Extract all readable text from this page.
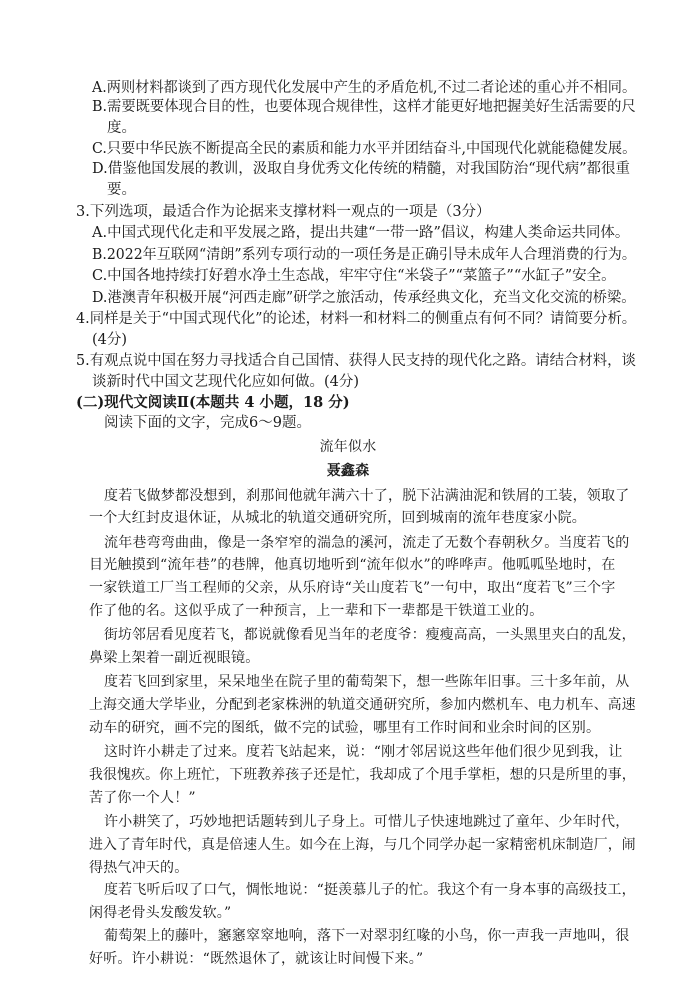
A.两则材料都谈到了西方现代化发展中产生的矛盾危机,不过二者论述的重心并不相同。
B.需要既要体现合目的性，也要体现合规律性，这样才能更好地把握美好生活需要的尺
度。
C.只要中华民族不断提高全民的素质和能力水平并团结奋斗,中国现代化就能稳健发展。
D.借鉴他国发展的教训，汲取自身优秀文化传统的精髓，对我国防治“现代病”都很重
要。
3.下列选项，最适合作为论据来支撑材料一观点的一项是（3分）
A.中国式现代化走和平发展之路，提出共建“一带一路”倡议，构建人类命运共同体。
B.2022年互联网“清朗”系列专项行动的一项任务是正确引导未成年人合理消费的行为。
C.中国各地持续打好碧水净土生态战，牢牢守住“米袋子”“菜篮子”“水缸子”安全。
D.港澳青年积极开展“河西走廊”研学之旅活动，传承经典文化，充当文化交流的桥梁。
4.同样是关于“中国式现代化”的论述，材料一和材料二的侧重点有何不同？请简要分析。
(4分)
5.有观点说中国在努力寻找适合自己国情、获得人民支持的现代化之路。请结合材料，谈
谈新时代中国文艺现代化应如何做。(4分)
(二)现代文阅读Ⅱ(本题共 4 小题，18 分)
阅读下面的文字，完成6～9题。
流年似水
聂鑫森
度若飞做梦都没想到，刹那间他就年满六十了，脱下沾满油泥和铁屑的工装，领取了
一个大红封皮退休证，从城北的轨道交通研究所，回到城南的流年巷度家小院。
流年巷弯弯曲曲，像是一条窄窄的湍急的溪河，流走了无数个春朝秋夕。当度若飞的
目光触摸到“流年巷”的巷牌，他真切地听到“流年似水”的哗哗声。他呱呱坠地时，在
一家铁道工厂当工程师的父亲，从乐府诗“关山度若飞”一句中，取出“度若飞”三个字
作了他的名。这似乎成了一种预言，上一辈和下一辈都是干铁道工业的。
街坊邻居看见度若飞，都说就像看见当年的老度爷：瘦瘦高高，一头黑里夹白的乱发，
鼻梁上架着一副近视眼镜。
度若飞回到家里，呆呆地坐在院子里的葡萄架下，想一些陈年旧事。三十多年前，从
上海交通大学毕业，分配到老家株洲的轨道交通研究所，参加内燃机车、电力机车、高速
动车的研究，画不完的图纸，做不完的试验，哪里有工作时间和业余时间的区别。
这时许小耕走了过来。度若飞站起来，说：“刚才邻居说这些年他们很少见到我，让
我很愧疚。你上班忙，下班教养孩子还是忙，我却成了个甩手掌柜，想的只是所里的事，
苦了你一个人！”
许小耕笑了，巧妙地把话题转到儿子身上。可惜儿子快速地跳过了童年、少年时代，
进入了青年时代，真是倍速人生。如今在上海，与几个同学办起一家精密机床制造厂，闹
得热气冲天的。
度若飞听后叹了口气，惆怅地说：“挺羡慕儿子的忙。我这个有一身本事的高级技工，
闲得老骨头发酸发软。”
葡萄架上的藤叶，窸窸窣窣地响，落下一对翠羽红喙的小鸟，你一声我一声地叫，很
好听。许小耕说：“既然退休了，就该让时间慢下来。”
